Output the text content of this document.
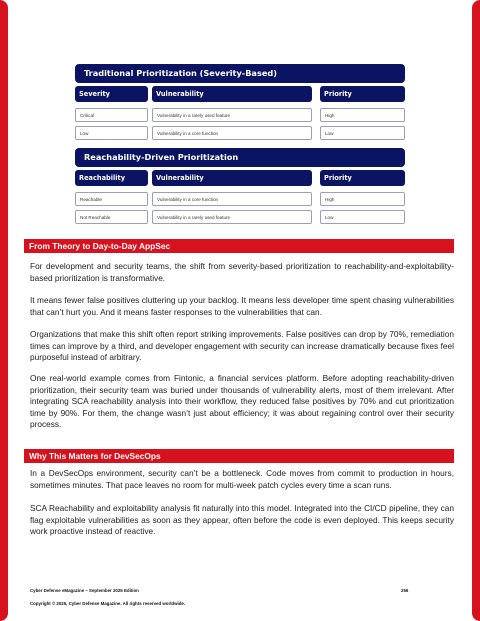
Traditional Prioritization (Severity-Based)
Severity	Vulnerability	Priority
Critical	Vulnerability in a rarely used feature	High
Low	Vulnerability in a core function	Low
Reachability-Driven Prioritization
Reachability	Vulnerability	Priority
Reachable	Vulnerability in a core function	High
Not Reachable	Vulnerability in a rarely used feature	Low
From Theory to Day-to-Day AppSec

For development and security teams, the shift from severity-based prioritization to reachability-and-exploitability-based prioritization is transformative.

It means fewer false positives cluttering up your backlog. It means less developer time spent chasing vulnerabilities that can’t hurt you. And it means faster responses to the vulnerabilities that can.

Organizations that make this shift often report striking improvements. False positives can drop by 70%, remediation times can improve by a third, and developer engagement with security can increase dramatically because fixes feel purposeful instead of arbitrary.

One real-world example comes from Fintonic, a financial services platform. Before adopting reachability-driven prioritization, their security team was buried under thousands of vulnerability alerts, most of them irrelevant. After integrating SCA reachability analysis into their workflow, they reduced false positives by 70% and cut prioritization time by 90%. For them, the change wasn’t just about efficiency; it was about regaining control over their security process.

Why This Matters for DevSecOps

In a DevSecOps environment, security can’t be a bottleneck. Code moves from commit to production in hours, sometimes minutes. That pace leaves no room for multi-week patch cycles every time a scan runs.

SCA Reachability and exploitability analysis fit naturally into this model. Integrated into the CI/CD pipeline, they can flag exploitable vulnerabilities as soon as they appear, often before the code is even deployed. This keeps security work proactive instead of reactive.

Cyber Defense eMagazine – September 2025 Edition	256
Copyright © 2025, Cyber Defense Magazine. All rights reserved worldwide.
